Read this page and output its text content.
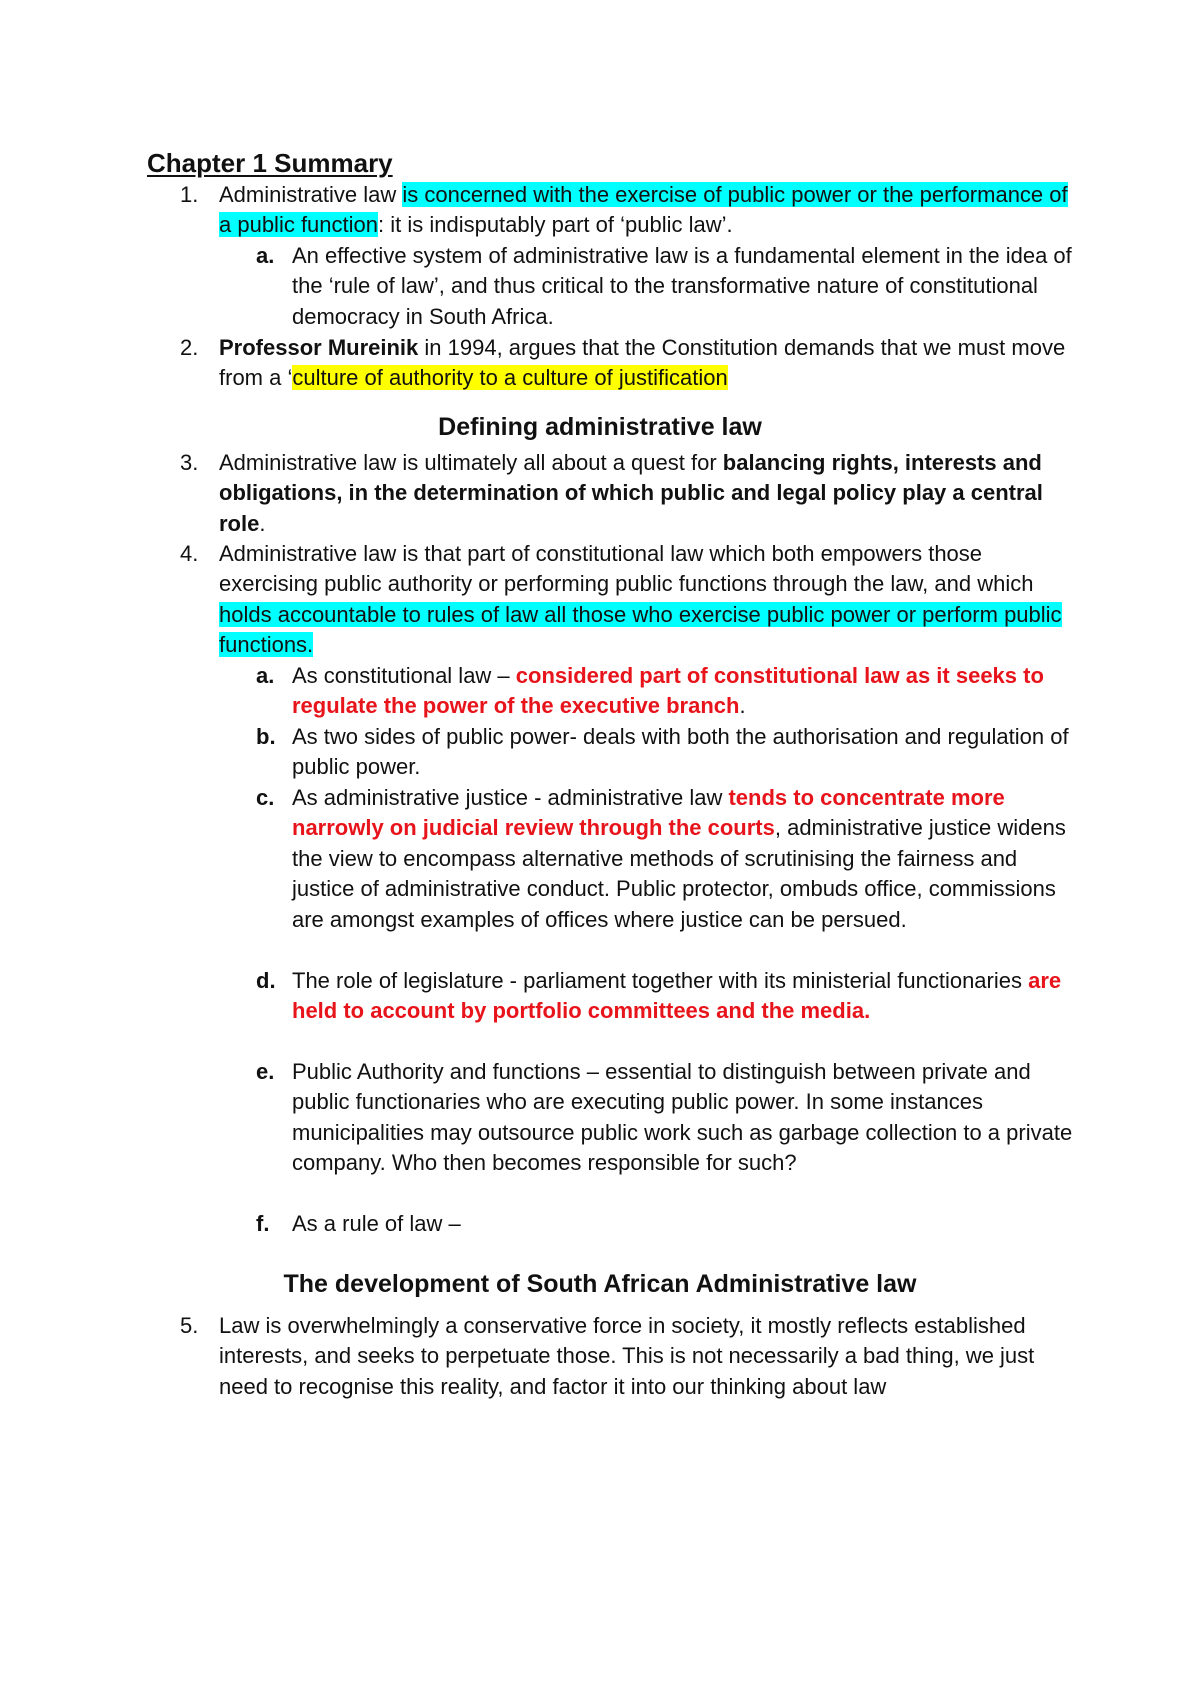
Chapter 1 Summary
1. Administrative law is concerned with the exercise of public power or the performance of a public function: it is indisputably part of ‘public law’.
a. An effective system of administrative law is a fundamental element in the idea of the ‘rule of law’, and thus critical to the transformative nature of constitutional democracy in South Africa.
2. Professor Mureinik in 1994, argues that the Constitution demands that we must move from a ‘culture of authority to a culture of justification
Defining administrative law
3. Administrative law is ultimately all about a quest for balancing rights, interests and obligations, in the determination of which public and legal policy play a central role.
4. Administrative law is that part of constitutional law which both empowers those exercising public authority or performing public functions through the law, and which holds accountable to rules of law all those who exercise public power or perform public functions.
a. As constitutional law – considered part of constitutional law as it seeks to regulate the power of the executive branch.
b. As two sides of public power- deals with both the authorisation and regulation of public power.
c. As administrative justice - administrative law tends to concentrate more narrowly on judicial review through the courts, administrative justice widens the view to encompass alternative methods of scrutinising the fairness and justice of administrative conduct. Public protector, ombuds office, commissions are amongst examples of offices where justice can be persued.
d. The role of legislature - parliament together with its ministerial functionaries are held to account by portfolio committees and the media.
e. Public Authority and functions – essential to distinguish between private and public functionaries who are executing public power. In some instances municipalities may outsource public work such as garbage collection to a private company. Who then becomes responsible for such?
f. As a rule of law –
The development of South African Administrative law
5. Law is overwhelmingly a conservative force in society, it mostly reflects established interests, and seeks to perpetuate those. This is not necessarily a bad thing, we just need to recognise this reality, and factor it into our thinking about law
